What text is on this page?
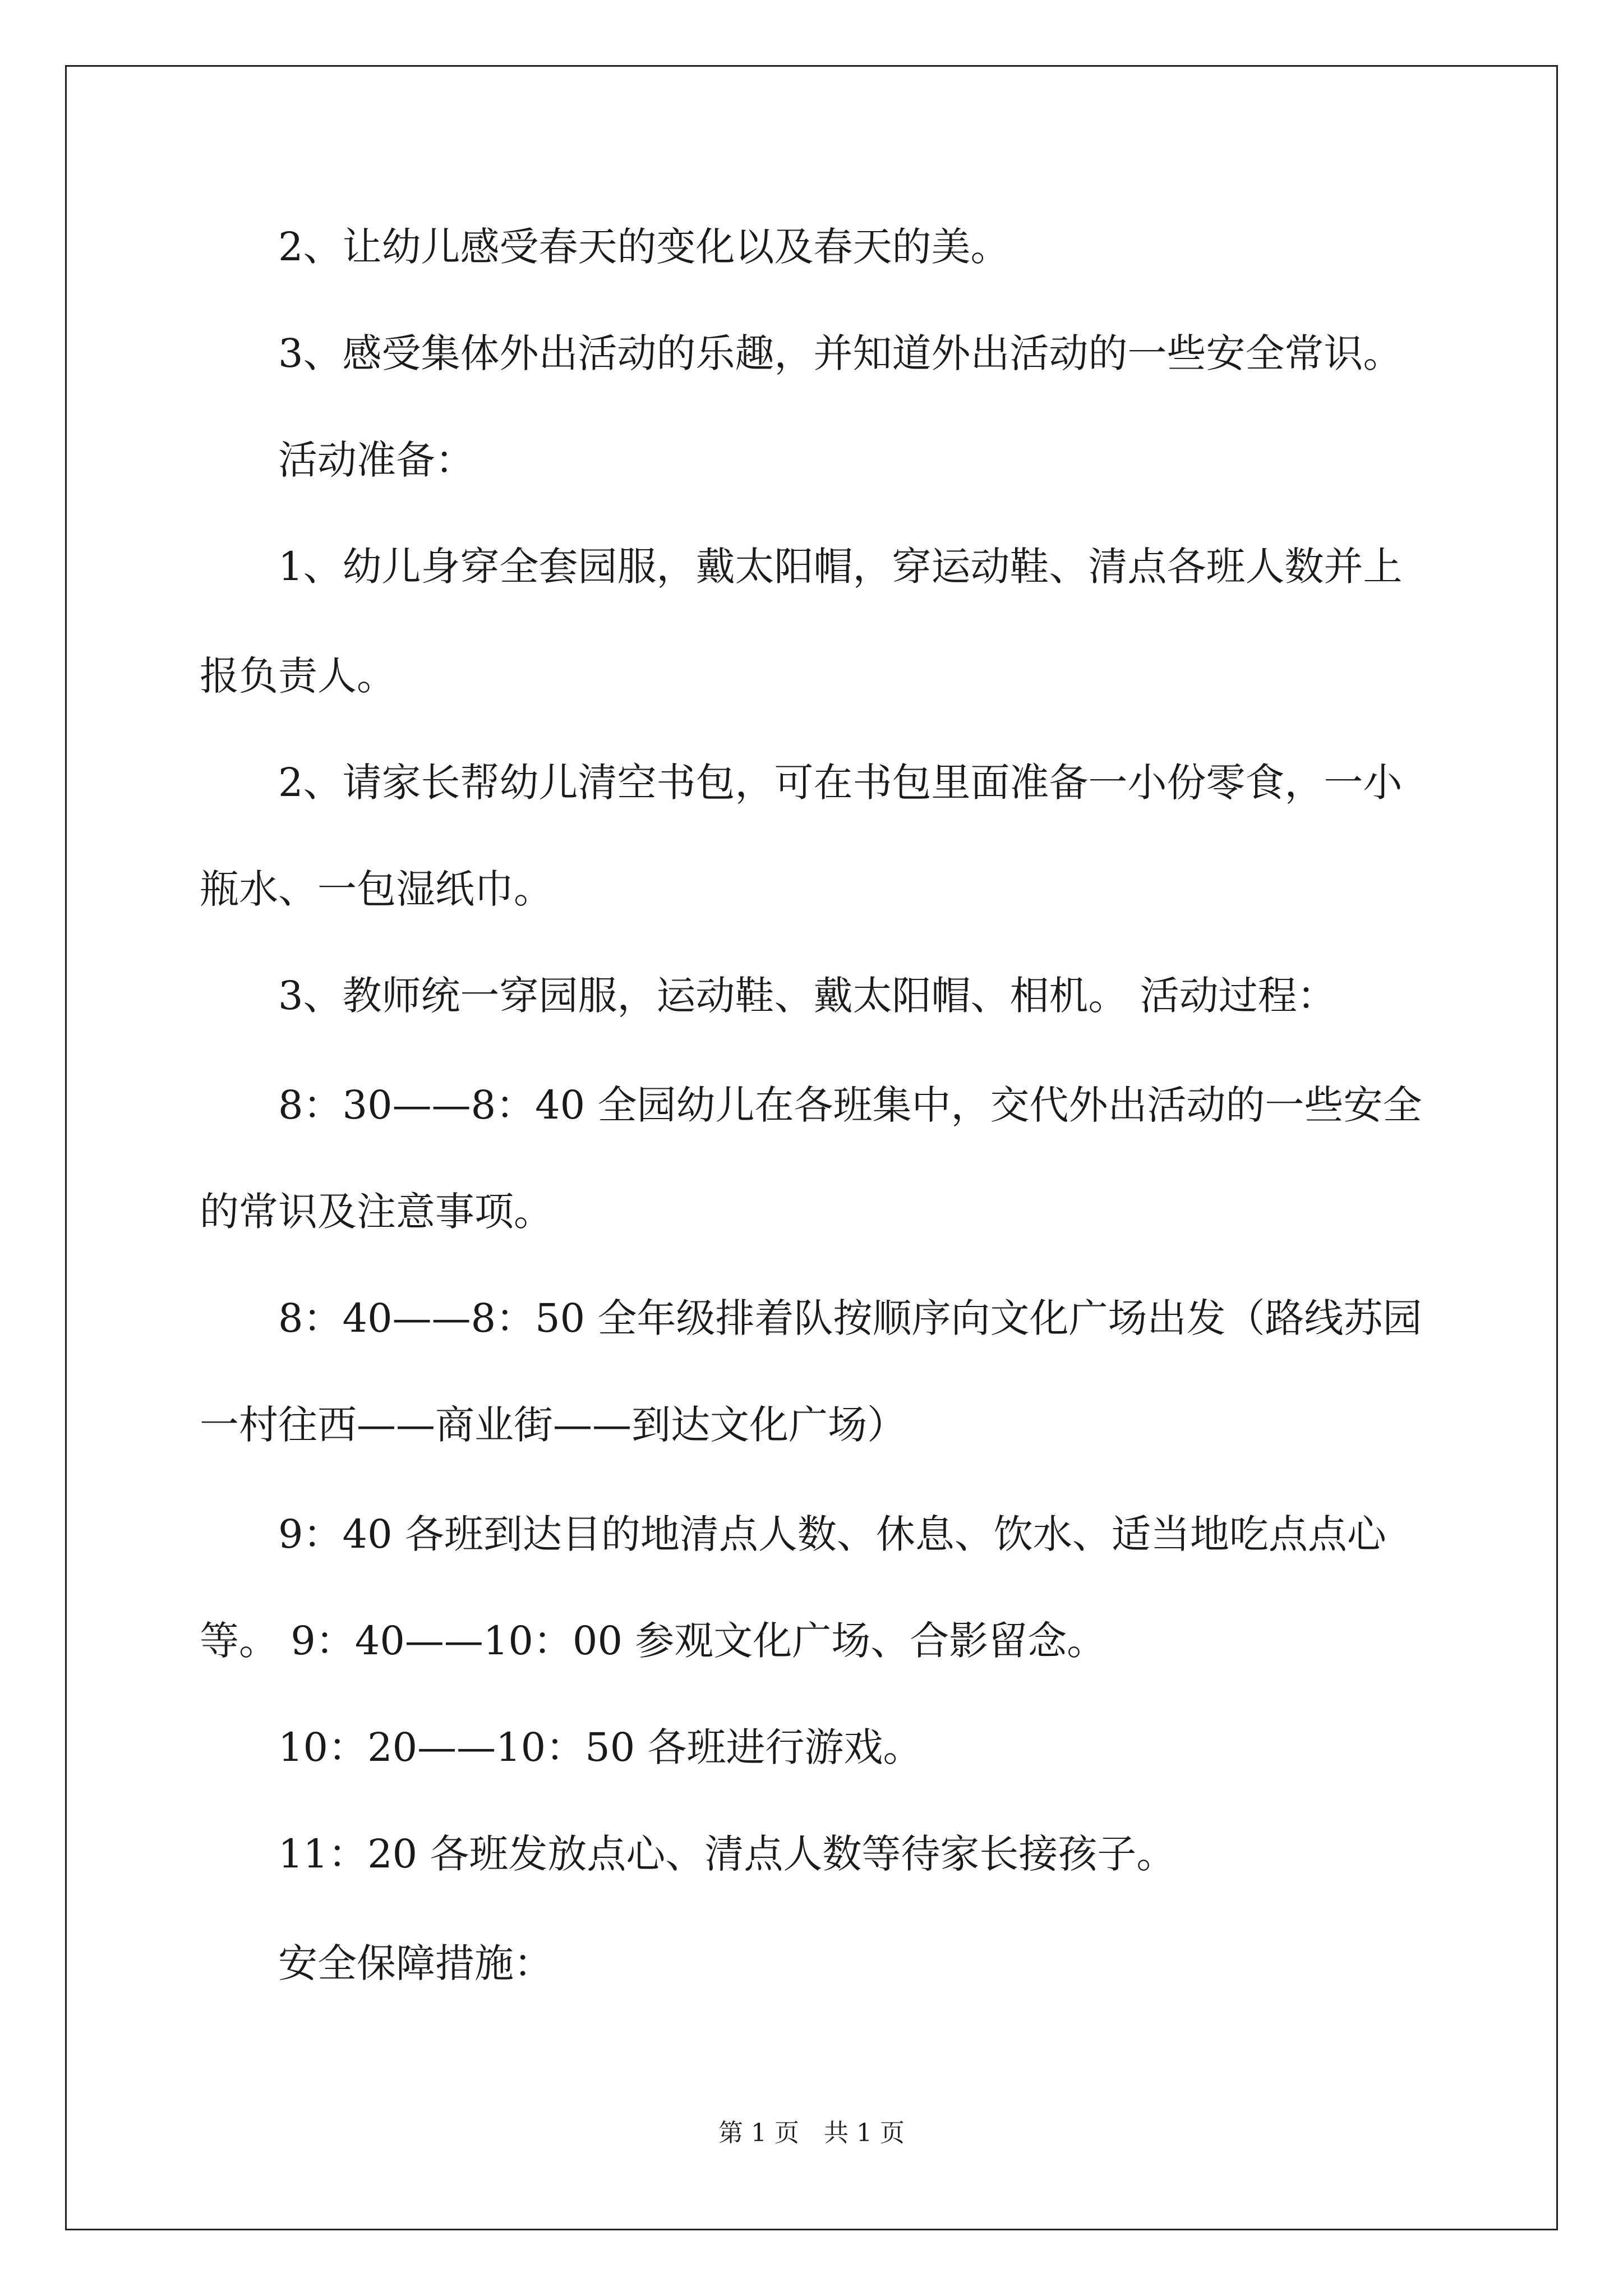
2、让幼儿感受春天的变化以及春天的美。
3、感受集体外出活动的乐趣，并知道外出活动的一些安全常识。
活动准备：
1、幼儿身穿全套园服，戴太阳帽，穿运动鞋、清点各班人数并上
报负责人。
2、请家长帮幼儿清空书包，可在书包里面准备一小份零食，一小
瓶水、一包湿纸巾。
3、教师统一穿园服，运动鞋、戴太阳帽、相机。 活动过程：
8：30——8：40 全园幼儿在各班集中，交代外出活动的一些安全
的常识及注意事项。
8：40——8：50 全年级排着队按顺序向文化广场出发（路线苏园
一村往西——商业街——到达文化广场）
9：40 各班到达目的地清点人数、休息、饮水、适当地吃点点心
等。 9：40——10：00 参观文化广场、合影留念。
10：20——10：50 各班进行游戏。
11：20 各班发放点心、清点人数等待家长接孩子。
安全保障措施：
第 1 页　共 1 页
